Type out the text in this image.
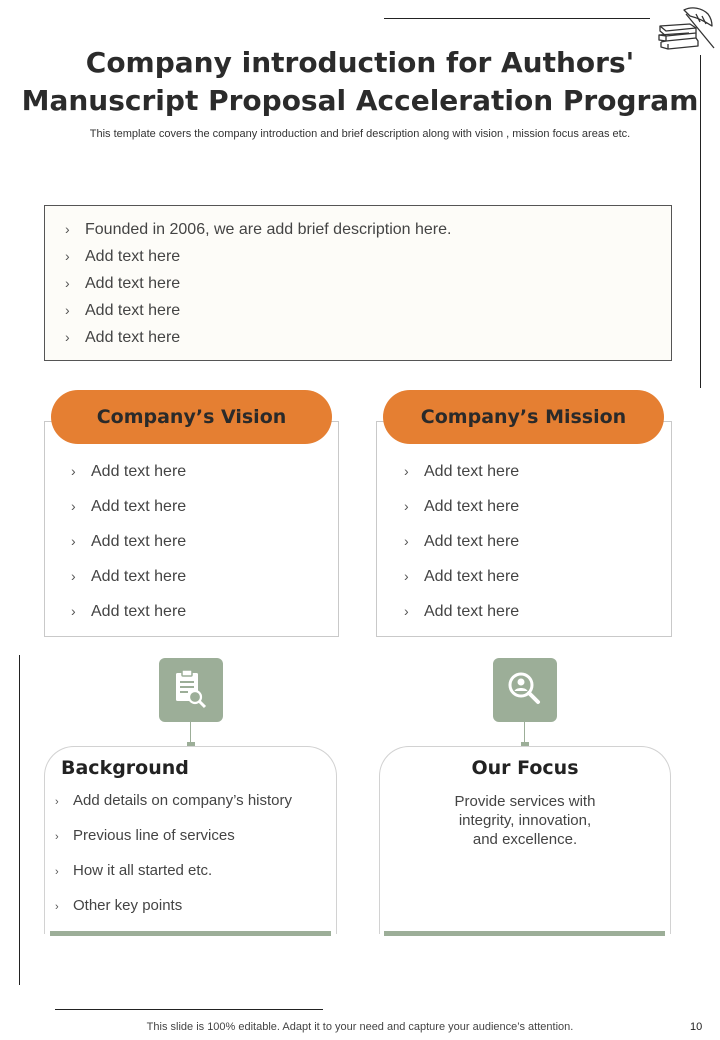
Company introduction for Authors'
Manuscript Proposal Acceleration Program
This template covers the company introduction and brief description along with vision , mission focus areas etc.
› Founded in 2006, we are add brief description here.
› Add text here
› Add text here
› Add text here
› Add text here
› Add text here
› Add text here
› Add text here
› Add text here
› Add text here
Company’s Vision
› Add text here
› Add text here
› Add text here
› Add text here
› Add text here
Company’s Mission
Background
› Add details on company’s history
› Previous line of services
› How it all started etc.
› Other key points
Our Focus
Provide services with
integrity, innovation,
and excellence.
This slide is 100% editable. Adapt it to your need and capture your audience’s attention.	10
